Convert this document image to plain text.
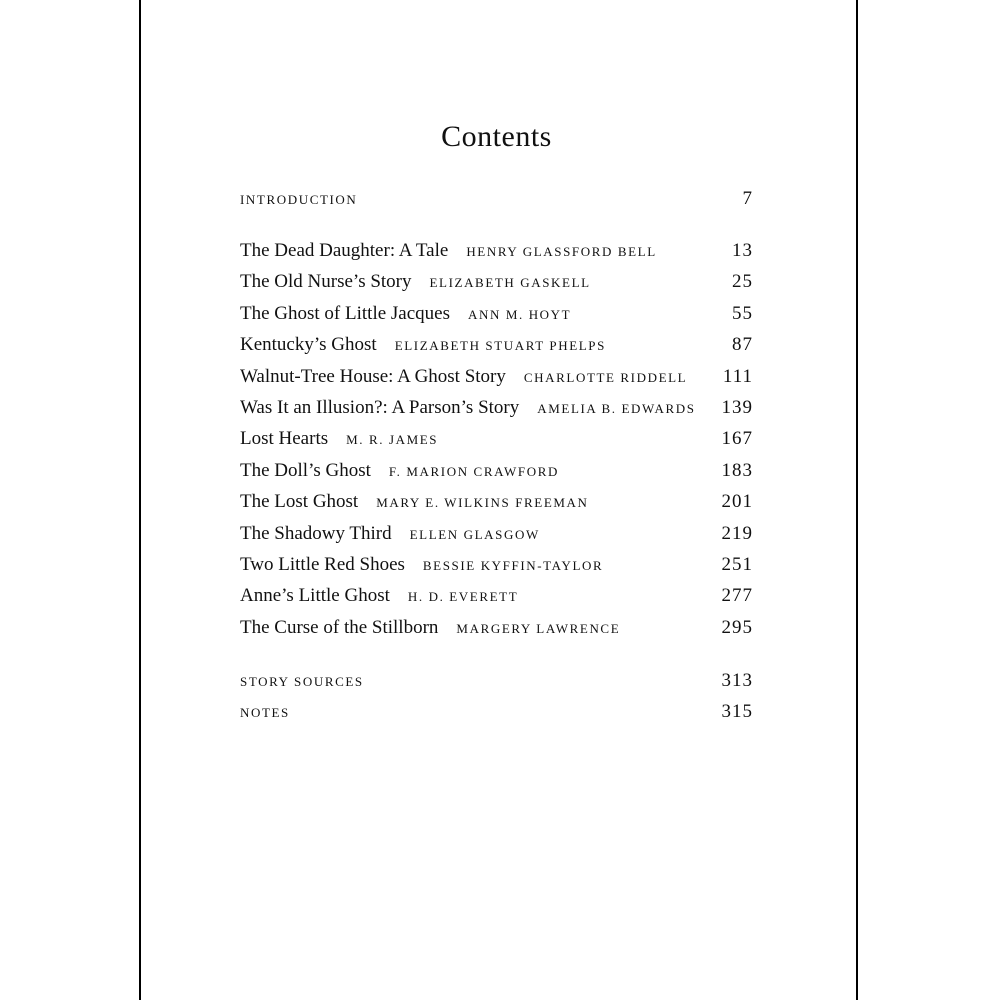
Contents
INTRODUCTION	7
The Dead Daughter: A Tale HENRY GLASSFORD BELL	13
The Old Nurse’s Story ELIZABETH GASKELL	25
The Ghost of Little Jacques ANN M. HOYT	55
Kentucky’s Ghost ELIZABETH STUART PHELPS	87
Walnut-Tree House: A Ghost Story CHARLOTTE RIDDELL 111
Was It an Illusion?: A Parson’s Story AMELIA B. EDWARDS 139
Lost Hearts M. R. JAMES	167
The Doll’s Ghost F. MARION CRAWFORD	183
The Lost Ghost MARY E. WILKINS FREEMAN	201
The Shadowy Third ELLEN GLASGOW	219
Two Little Red Shoes BESSIE KYFFIN-TAYLOR	251
Anne’s Little Ghost H. D. EVERETT	277
The Curse of the Stillborn MARGERY LAWRENCE	295
STORY SOURCES	313
NOTES	315
